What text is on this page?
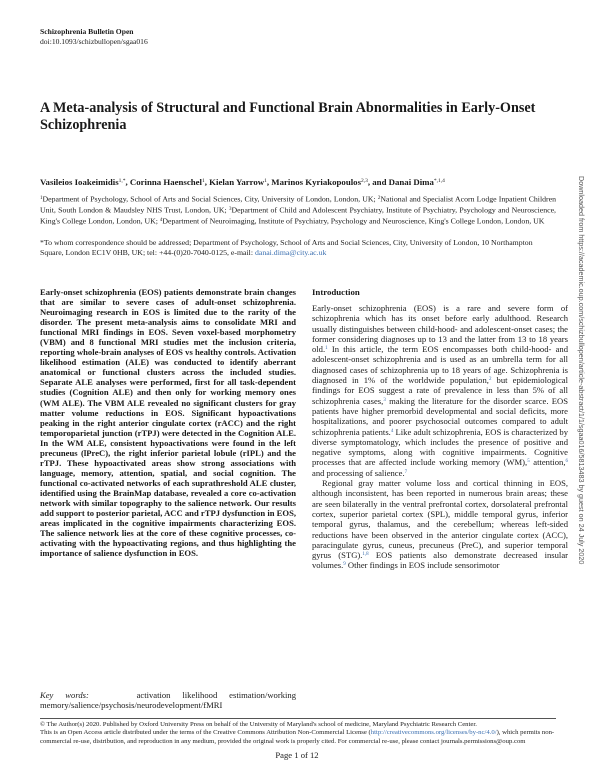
Schizophrenia Bulletin Open
doi:10.1093/schizbullopen/sgaa016
A Meta-analysis of Structural and Functional Brain Abnormalities in Early-Onset Schizophrenia
Vasileios Ioakeimidis$^{1,*}$, Corinna Haenschel$^1$, Kielan Yarrow$^1$, Marinos Kyriakopoulos$^{2,3}$, and Danai Dima$^{*,1,4}$
$^1$Department of Psychology, School of Arts and Social Sciences, City, University of London, London, UK; $^2$National and Specialist Acorn Lodge Inpatient Children Unit, South London & Maudsley NHS Trust, London, UK; $^3$Department of Child and Adolescent Psychiatry, Institute of Psychiatry, Psychology and Neuroscience, King's College London, London, UK; $^4$Department of Neuroimaging, Institute of Psychiatry, Psychology and Neuroscience, King's College London, London, UK
*To whom correspondence should be addressed; Department of Psychology, School of Arts and Social Sciences, City, University of London, 10 Northampton Square, London EC1V 0HB, UK; tel: +44-(0)20-7040-0125, e-mail: danai.dima@city.ac.uk
Early-onset schizophrenia (EOS) patients demonstrate brain changes that are similar to severe cases of adult-onset schizophrenia. Neuroimaging research in EOS is limited due to the rarity of the disorder. The present meta-analysis aims to consolidate MRI and functional MRI findings in EOS. Seven voxel-based morphometry (VBM) and 8 functional MRI studies met the inclusion criteria, reporting whole-brain analyses of EOS vs healthy controls. Activation likelihood estimation (ALE) was conducted to identify aberrant anatomical or functional clusters across the included studies. Separate ALE analyses were performed, first for all task-dependent studies (Cognition ALE) and then only for working memory ones (WM ALE). The VBM ALE revealed no significant clusters for gray matter volume reductions in EOS. Significant hypoactivations peaking in the right anterior cingulate cortex (rACC) and the right temporoparietal junction (rTPJ) were detected in the Cognition ALE. In the WM ALE, consistent hypoactivations were found in the left precuneus (lPreC), the right inferior parietal lobule (rIPL) and the rTPJ. These hypoactivated areas show strong associations with language, memory, attention, spatial, and social cognition. The functional co-activated networks of each suprathreshold ALE cluster, identified using the BrainMap database, revealed a core co-activation network with similar topography to the salience network. Our results add support to posterior parietal, ACC and rTPJ dysfunction in EOS, areas implicated in the cognitive impairments characterizing EOS. The salience network lies at the core of these cognitive processes, co-activating with the hypoactivating regions, and thus highlighting the importance of salience dysfunction in EOS.
Key words:	activation likelihood estimation/working memory/salience/psychosis/neurodevelopment/fMRI
Introduction

Early-onset schizophrenia (EOS) is a rare and severe form of schizophrenia which has its onset before early adulthood. Research usually distinguishes between child-hood- and adolescent-onset cases; the former considering diagnoses up to 13 and the latter from 13 to 18 years old.$^1$ In this article, the term EOS encompasses both child-hood- and adolescent-onset schizophrenia and is used as an umbrella term for all diagnosed cases of schizophrenia up to 18 years of age. Schizophrenia is diagnosed in 1% of the worldwide population,$^2$ but epidemiological findings for EOS suggest a rate of prevalence in less than 5% of all schizophrenia cases,$^3$ making the literature for the disorder scarce. EOS patients have higher premorbid developmental and social deficits, more hospitalizations, and poorer psychosocial outcomes compared to adult schizophrenia patients.$^4$ Like adult schizophrenia, EOS is characterized by diverse symptomatology, which includes the presence of positive and negative symptoms, along with cognitive impairments. Cognitive processes that are affected include working memory (WM),$^5$ attention,$^6$ and processing of salience.$^7$

Regional gray matter volume loss and cortical thinning in EOS, although inconsistent, has been reported in numerous brain areas; these are seen bilaterally in the ventral prefrontal cortex, dorsolateral prefrontal cortex, superior parietal cortex (SPL), middle temporal gyrus, inferior temporal gyrus, thalamus, and the cerebellum; whereas left-sided reductions have been observed in the anterior cingulate cortex (ACC), paracingulate gyrus, cuneus, precuneus (PreC), and superior temporal gyrus (STG).$^{1,8}$ EOS patients also demonstrate decreased insular volumes.$^9$ Other findings in EOS include sensorimotor

© The Author(s) 2020. Published by Oxford University Press on behalf of the University of Maryland's school of medicine, Maryland Psychiatric Research Center.
This is an Open Access article distributed under the terms of the Creative Commons Attribution Non-Commercial License (http://creativecommons.org/licenses/by-nc/4.0/), which permits non-commercial re-use, distribution, and reproduction in any medium, provided the original work is properly cited. For commercial re-use, please contact journals.permissions@oup.com
Page 1 of 12
Downloaded from https://academic.oup.com/schizbullopen/article-abstract/1/1/sgaa016/5813483 by guest on 24 July 2020
